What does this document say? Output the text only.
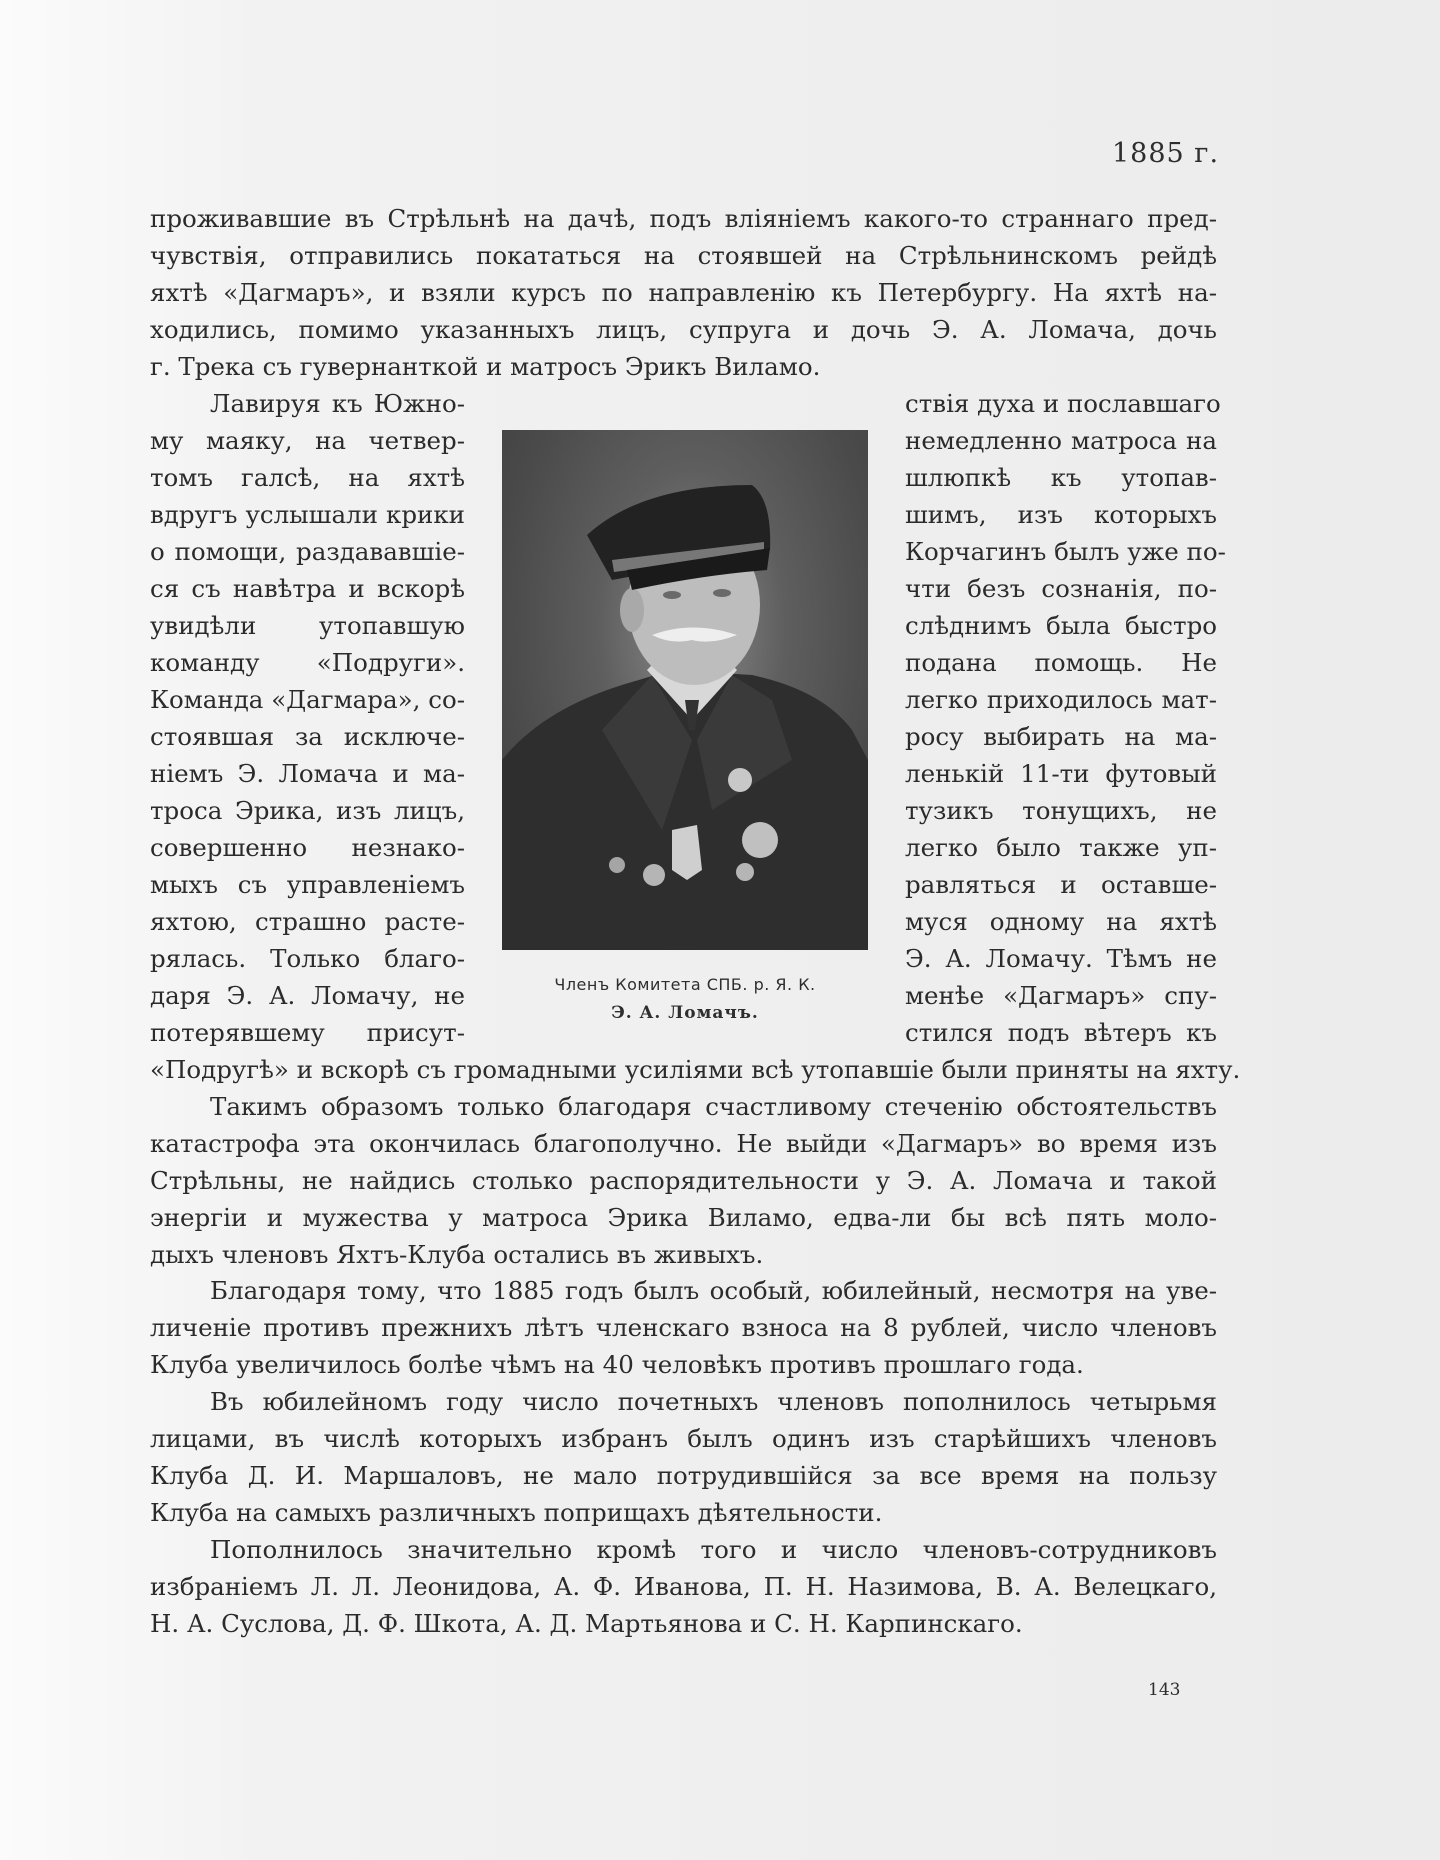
1885 г.
проживавшие въ Стрѣльнѣ на дачѣ, подъ вліяніемъ какого-то страннаго пред-
чувствія, отправились покататься на стоявшей на Стрѣльнинскомъ рейдѣ
яхтѣ «Дагмаръ», и взяли курсъ по направленію къ Петербургу. На яхтѣ на-
ходились, помимо указанныхъ лицъ, супруга и дочь Э. А. Ломача, дочь
г. Трека съ гувернанткой и матросъ Эрикъ Виламо.
Лавируя къ Южно-
му маяку, на четвер-
томъ галсѣ, на яхтѣ
вдругъ услышали крики
о помощи, раздававшіе-
ся съ навѣтра и вскорѣ
увидѣли утопавшую
команду «Подруги».
Команда «Дагмара», со-
стоявшая за исключе-
ніемъ Э. Ломача и ма-
троса Эрика, изъ лицъ,
совершенно незнако-
мыхъ съ управленіемъ
яхтою, страшно расте-
рялась. Только благо-
даря Э. А. Ломачу, не
потерявшему присут-
Членъ Комитета СПБ. р. Я. К.
Э. А. Ломачъ.
ствія духа и пославшаго
немедленно матроса на
шлюпкѣ къ утопав-
шимъ, изъ которыхъ
Корчагинъ былъ уже по-
чти безъ сознанія, по-
слѣднимъ была быстро
подана помощь. Не
легко приходилось мат-
росу выбирать на ма-
ленькій 11-ти футовый
тузикъ тонущихъ, не
легко было также уп-
равляться и оставше-
муся одному на яхтѣ
Э. А. Ломачу. Тѣмъ не
менѣе «Дагмаръ» спу-
стился подъ вѣтеръ къ
«Подругѣ» и вскорѣ съ громадными усиліями всѣ утопавшіе были приняты на яхту.
Такимъ образомъ только благодаря счастливому стеченію обстоятельствъ
катастрофа эта окончилась благополучно. Не выйди «Дагмаръ» во время изъ
Стрѣльны, не найдись столько распорядительности у Э. А. Ломача и такой
энергіи и мужества у матроса Эрика Виламо, едва-ли бы всѣ пять моло-
дыхъ членовъ Яхтъ-Клуба остались въ живыхъ.
Благодаря тому, что 1885 годъ былъ особый, юбилейный, несмотря на уве-
личеніе противъ прежнихъ лѣтъ членскаго взноса на 8 рублей, число членовъ
Клуба увеличилось болѣе чѣмъ на 40 человѣкъ противъ прошлаго года.
Въ юбилейномъ году число почетныхъ членовъ пополнилось четырьмя
лицами, въ числѣ которыхъ избранъ былъ одинъ изъ старѣйшихъ членовъ
Клуба Д. И. Маршаловъ, не мало потрудившійся за все время на пользу
Клуба на самыхъ различныхъ поприщахъ дѣятельности.
Пополнилось значительно кромѣ того и число членовъ-сотрудниковъ
избраніемъ Л. Л. Леонидова, А. Ф. Иванова, П. Н. Назимова, В. А. Велецкаго,
Н. А. Суслова, Д. Ф. Шкота, А. Д. Мартьянова и С. Н. Карпинскаго.
143
